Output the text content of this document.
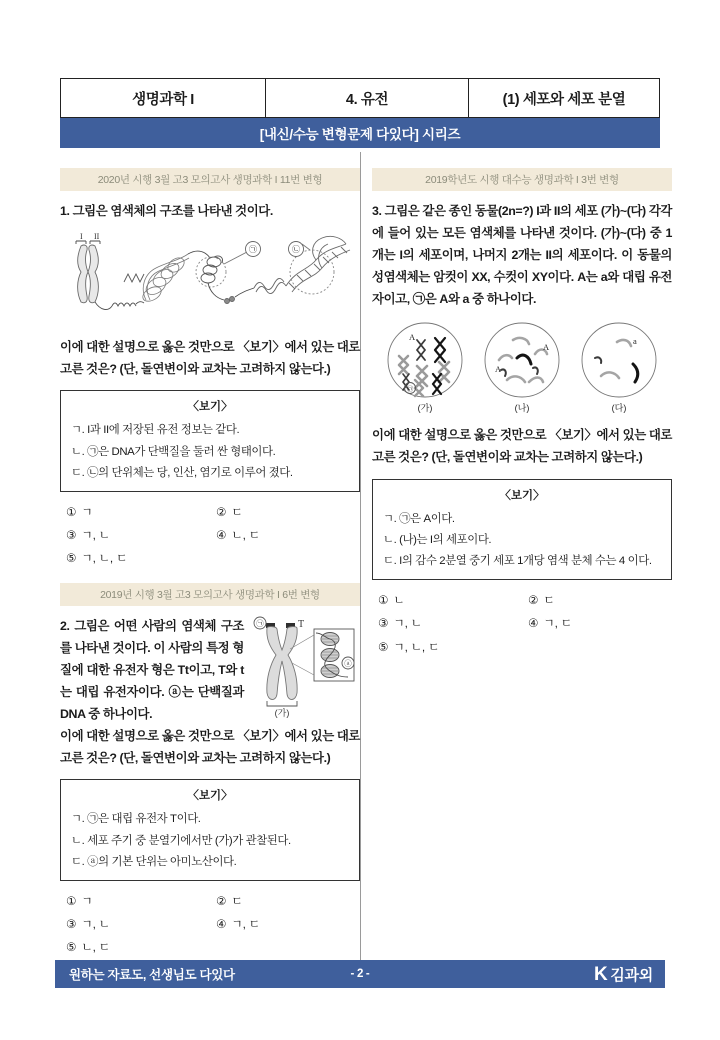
생명과학 I	4. 유전	(1) 세포와 세포 분열
[내신/수능 변형문제 다있다] 시리즈
2020년 시행 3월 고3 모의고사 생명과학 I 11번 변형
1. 그림은 염색체의 구조를 나타낸 것이다.
I II
㉠	㉡
이에 대한 설명으로 옳은 것만으로 〈보기〉에서 있는 대로 고른 것은? (단, 돌연변이와 교차는 고려하지 않는다.)
〈보기〉
ㄱ. I과 II에 저장된 유전 정보는 같다.
ㄴ. ㉠은 DNA가 단백질을 둘러 싼 형태이다.
ㄷ. ㉡의 단위체는 당, 인산, 염기로 이루어 졌다.
① ㄱ	② ㄷ
③ ㄱ, ㄴ	④ ㄴ, ㄷ
⑤ ㄱ, ㄴ, ㄷ
2019년 시행 3월 고3 모의고사 생명과학 I 6번 변형
㉠	T
(가)
ⓐ
2. 그림은 어떤 사람의 염색체 구조를 나타낸 것이다. 이 사람의 특정 형질에 대한 유전자 형은 Tt이고, T와 t는 대립 유전자이다. ⓐ는 단백질과 DNA 중 하나이다.
이에 대한 설명으로 옳은 것만으로 〈보기〉에서 있는 대로 고른 것은? (단, 돌연변이와 교차는 고려하지 않는다.)
〈보기〉
ㄱ. ㉠은 대립 유전자 T이다.
ㄴ. 세포 주기 중 분열기에서만 (가)가 관찰된다.
ㄷ. ⓐ의 기본 단위는 아미노산이다.
① ㄱ	② ㄷ
③ ㄱ, ㄴ	④ ㄱ, ㄷ
⑤ ㄴ, ㄷ
2019학년도 시행 대수능 생명과학 I 3번 변형
3. 그림은 같은 종인 동물(2n=?) I과 II의 세포 (가)~(다) 각각에 들어 있는 모든 염색체를 나타낸 것이다. (가)~(다) 중 1개는 I의 세포이며, 나머지 2개는 II의 세포이다. 이 동물의 성염색체는 암컷이 XX, 수컷이 XY이다. A는 a와 대립 유전자이고, ㉠은 A와 a 중 하나이다.
A
㉠
(가)
A
A
(나)
a
(다)
이에 대한 설명으로 옳은 것만으로 〈보기〉에서 있는 대로 고른 것은? (단, 돌연변이와 교차는 고려하지 않는다.)
〈보기〉
ㄱ. ㉠은 A이다.
ㄴ. (나)는 I의 세포이다.
ㄷ. I의 감수 2분열 중기 세포 1개당 염색 분체 수는 4 이다.
① ㄴ	② ㄷ
③ ㄱ, ㄴ	④ ㄱ, ㄷ
⑤ ㄱ, ㄴ, ㄷ
원하는 자료도, 선생님도 다있다	- 2 -	K 김과외
